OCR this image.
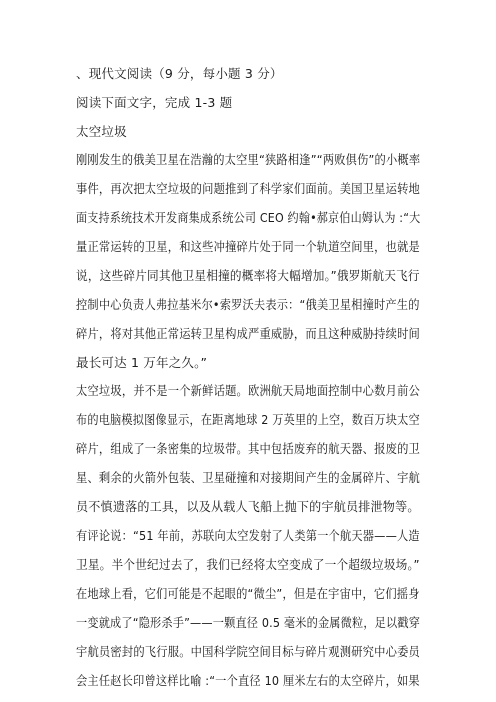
、现代文阅读（9 分，每小题 3 分）
阅读下面文字，完成 1-3 题
太空垃圾
刚刚发生的俄美卫星在浩瀚的太空里“狭路相逢”“两败俱伤”的小概率
事件，再次把太空垃圾的问题推到了科学家们面前。美国卫星运转地
面支持系统技术开发商集成系统公司 CEO 约翰•郝京伯山姆认为 :“大
量正常运转的卫星，和这些冲撞碎片处于同一个轨道空间里，也就是
说，这些碎片同其他卫星相撞的概率将大幅增加。”俄罗斯航天飞行
控制中心负责人弗拉基米尔•索罗沃夫表示：“俄美卫星相撞时产生的
碎片，将对其他正常运转卫星构成严重威胁，而且这种威胁持续时间
最长可达 1 万年之久。”
太空垃圾，并不是一个新鲜话题。欧洲航天局地面控制中心数月前公
布的电脑模拟图像显示，在距离地球 2 万英里的上空，数百万块太空
碎片，组成了一条密集的垃圾带。其中包括废弃的航天器、报废的卫
星、剩余的火箭外包装、卫星碰撞和对接期间产生的金属碎片、宇航
员不慎遗落的工具，以及从载人飞船上抛下的宇航员排泄物等。
有评论说：“51 年前，苏联向太空发射了人类第一个航天器——人造
卫星。半个世纪过去了，我们已经将太空变成了一个超级垃圾场。”
在地球上看，它们可能是不起眼的“微尘”，但是在宇宙中，它们摇身
一变就成了“隐形杀手”——一颗直径 0.5 毫米的金属微粒，足以戳穿
宇航员密封的飞行服。中国科学院空间目标与碎片观测研究中心委员
会主任赵长印曾这样比喻 :“一个直径 10 厘米左右的太空碎片，如果
